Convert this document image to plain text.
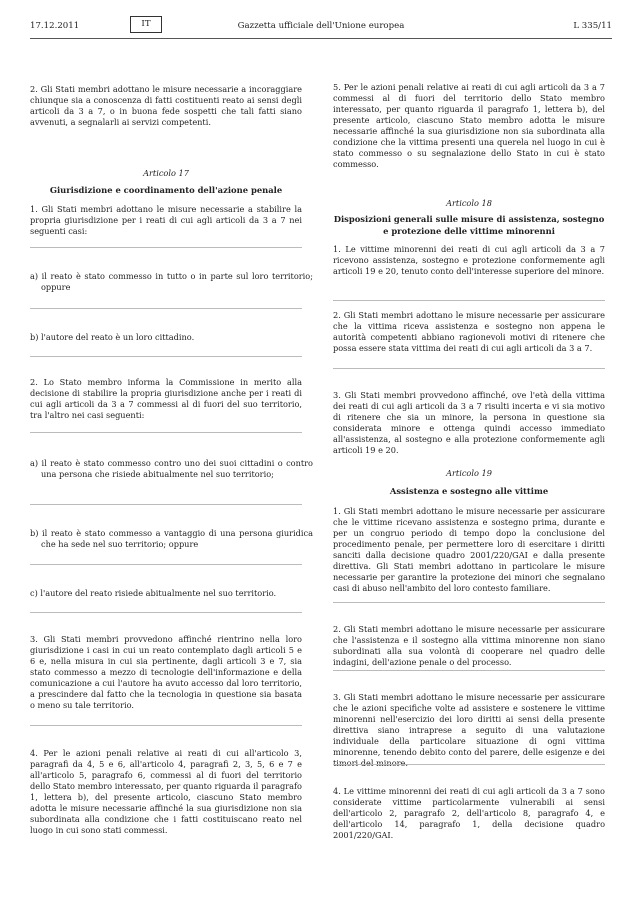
17.12.2011	IT	Gazzetta ufficiale dell'Unione europea	L 335/11

2. Gli Stati membri adottano le misure necessarie a incoraggiare chiunque sia a conoscenza di fatti costituenti reato ai sensi degli articoli da 3 a 7, o in buona fede sospetti che tali fatti siano avvenuti, a segnalarli ai servizi competenti.

Articolo 17
Giurisdizione e coordinamento dell'azione penale

1. Gli Stati membri adottano le misure necessarie a stabilire la propria giurisdizione per i reati di cui agli articoli da 3 a 7 nei seguenti casi:

a) il reato è stato commesso in tutto o in parte sul loro territorio; oppure

b) l'autore del reato è un loro cittadino.

2. Lo Stato membro informa la Commissione in merito alla decisione di stabilire la propria giurisdizione anche per i reati di cui agli articoli da 3 a 7 commessi al di fuori del suo territorio, tra l'altro nei casi seguenti:

a) il reato è stato commesso contro uno dei suoi cittadini o contro una persona che risiede abitualmente nel suo territorio;

b) il reato è stato commesso a vantaggio di una persona giuridica che ha sede nel suo territorio; oppure

c) l'autore del reato risiede abitualmente nel suo territorio.

3. Gli Stati membri provvedono affinché rientrino nella loro giurisdizione i casi in cui un reato contemplato dagli articoli 5 e 6 e, nella misura in cui sia pertinente, dagli articoli 3 e 7, sia stato commesso a mezzo di tecnologie dell'informazione e della comunicazione a cui l'autore ha avuto accesso dal loro territorio, a prescindere dal fatto che la tecnologia in questione sia basata o meno su tale territorio.

4. Per le azioni penali relative ai reati di cui all'articolo 3, paragrafi da 4, 5 e 6, all'articolo 4, paragrafi 2, 3, 5, 6 e 7 e all'articolo 5, paragrafo 6, commessi al di fuori del territorio dello Stato membro interessato, per quanto riguarda il paragrafo 1, lettera b), del presente articolo, ciascuno Stato membro adotta le misure necessarie affinché la sua giurisdizione non sia subordinata alla condizione che i fatti costituiscano reato nel luogo in cui sono stati commessi.

5. Per le azioni penali relative ai reati di cui agli articoli da 3 a 7 commessi al di fuori del territorio dello Stato membro interessato, per quanto riguarda il paragrafo 1, lettera b), del presente articolo, ciascuno Stato membro adotta le misure necessarie affinché la sua giurisdizione non sia subordinata alla condizione che la vittima presenti una querela nel luogo in cui è stato commesso o su segnalazione dello Stato in cui è stato commesso.

Articolo 18
Disposizioni generali sulle misure di assistenza, sostegno e protezione delle vittime minorenni

1. Le vittime minorenni dei reati di cui agli articoli da 3 a 7 ricevono assistenza, sostegno e protezione conformemente agli articoli 19 e 20, tenuto conto dell'interesse superiore del minore.

2. Gli Stati membri adottano le misure necessarie per assicurare che la vittima riceva assistenza e sostegno non appena le autorità competenti abbiano ragionevoli motivi di ritenere che possa essere stata vittima dei reati di cui agli articoli da 3 a 7.

3. Gli Stati membri provvedono affinché, ove l'età della vittima dei reati di cui agli articoli da 3 a 7 risulti incerta e vi sia motivo di ritenere che sia un minore, la persona in questione sia considerata minore e ottenga quindi accesso immediato all'assistenza, al sostegno e alla protezione conformemente agli articoli 19 e 20.

Articolo 19
Assistenza e sostegno alle vittime

1. Gli Stati membri adottano le misure necessarie per assicurare che le vittime ricevano assistenza e sostegno prima, durante e per un congruo periodo di tempo dopo la conclusione del procedimento penale, per permettere loro di esercitare i diritti sanciti dalla decisione quadro 2001/220/GAI e dalla presente direttiva. Gli Stati membri adottano in particolare le misure necessarie per garantire la protezione dei minori che segnalano casi di abuso nell'ambito del loro contesto familiare.

2. Gli Stati membri adottano le misure necessarie per assicurare che l'assistenza e il sostegno alla vittima minorenne non siano subordinati alla sua volontà di cooperare nel quadro delle indagini, dell'azione penale o del processo.

3. Gli Stati membri adottano le misure necessarie per assicurare che le azioni specifiche volte ad assistere e sostenere le vittime minorenni nell'esercizio dei loro diritti ai sensi della presente direttiva siano intraprese a seguito di una valutazione individuale della particolare situazione di ogni vittima minorenne, tenendo debito conto del parere, delle esigenze e dei timori del minore.

4. Le vittime minorenni dei reati di cui agli articoli da 3 a 7 sono considerate vittime particolarmente vulnerabili ai sensi dell'articolo 2, paragrafo 2, dell'articolo 8, paragrafo 4, e dell'articolo 14, paragrafo 1, della decisione quadro 2001/220/GAI.
